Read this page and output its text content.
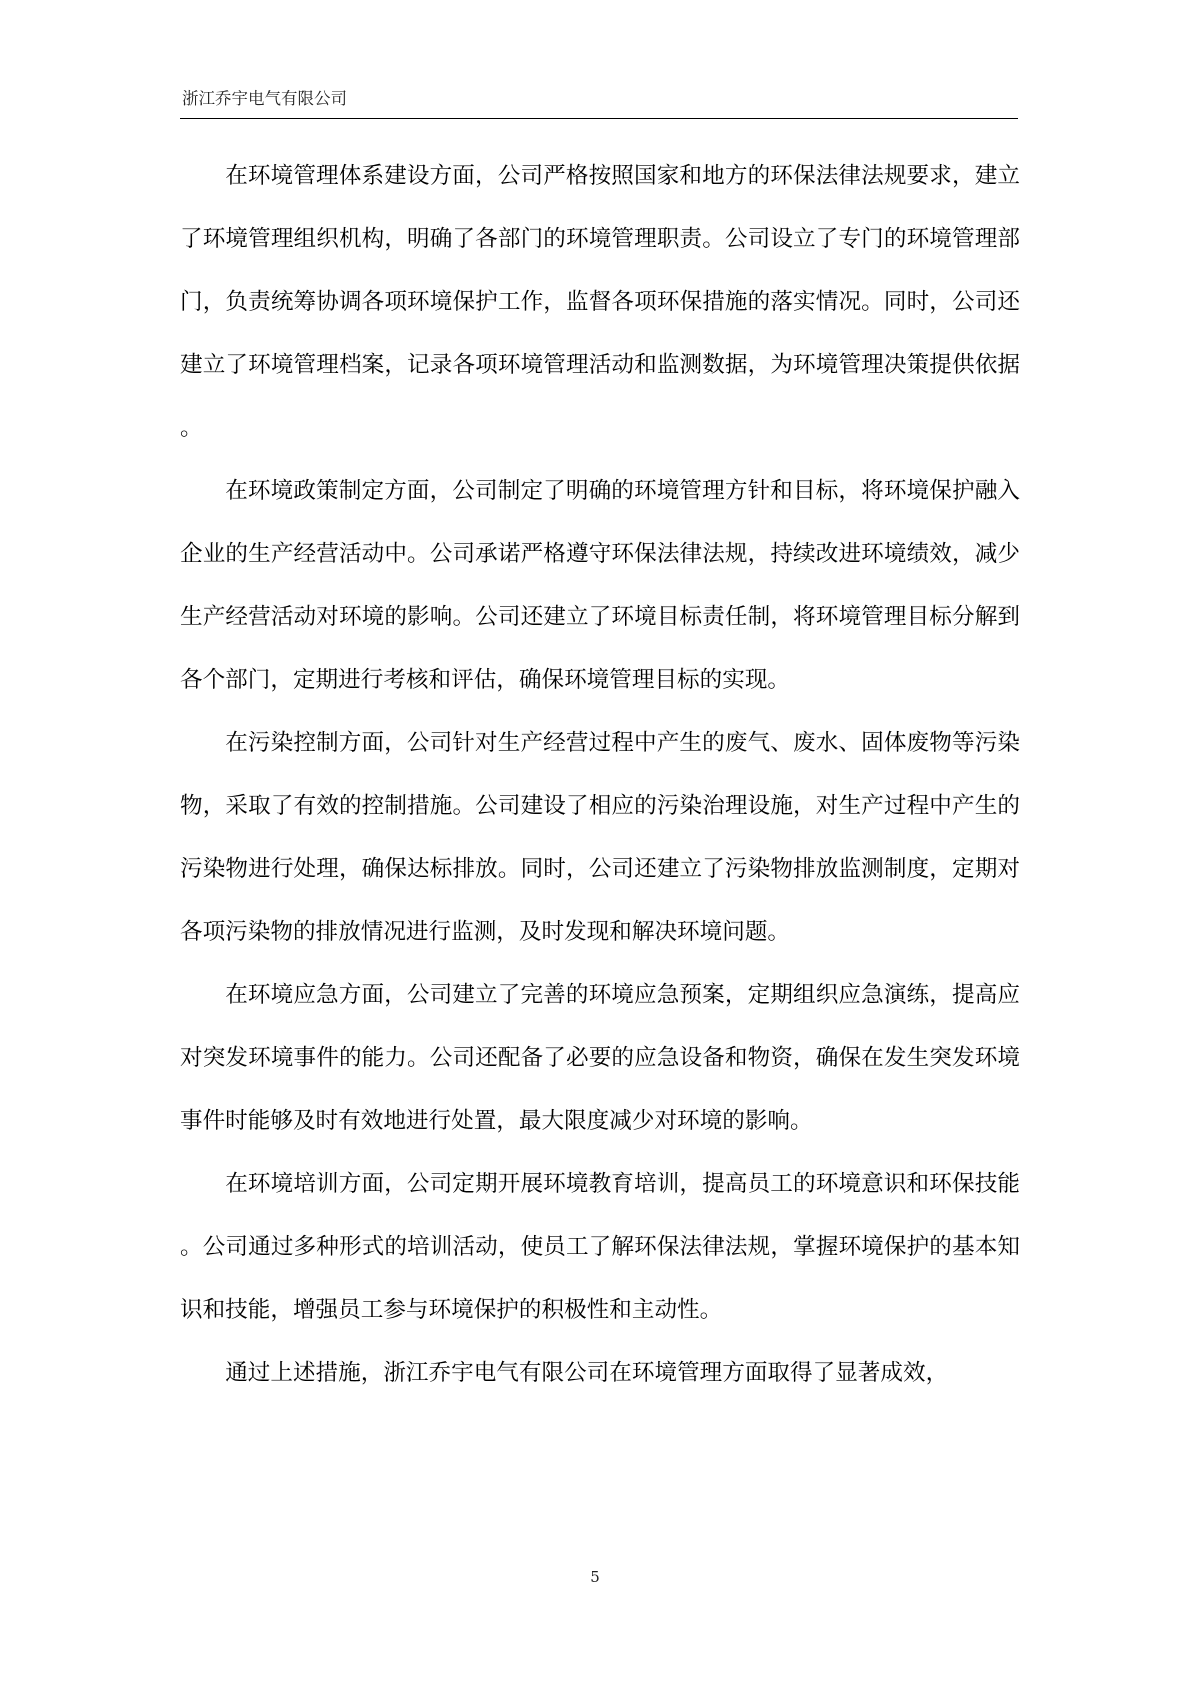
浙江乔宇电气有限公司

在环境管理体系建设方面，公司严格按照国家和地方的环保法律法规要求，建立了环境管理组织机构，明确了各部门的环境管理职责。公司设立了专门的环境管理部门，负责统筹协调各项环境保护工作，监督各项环保措施的落实情况。同时，公司还建立了环境管理档案，记录各项环境管理活动和监测数据，为环境管理决策提供依据。

在环境政策制定方面，公司制定了明确的环境管理方针和目标，将环境保护融入企业的生产经营活动中。公司承诺严格遵守环保法律法规，持续改进环境绩效，减少生产经营活动对环境的影响。公司还建立了环境目标责任制，将环境管理目标分解到各个部门，定期进行考核和评估，确保环境管理目标的实现。

在污染控制方面，公司针对生产经营过程中产生的废气、废水、固体废物等污染物，采取了有效的控制措施。公司建设了相应的污染治理设施，对生产过程中产生的污染物进行处理，确保达标排放。同时，公司还建立了污染物排放监测制度，定期对各项污染物的排放情况进行监测，及时发现和解决环境问题。

在环境应急方面，公司建立了完善的环境应急预案，定期组织应急演练，提高应对突发环境事件的能力。公司还配备了必要的应急设备和物资，确保在发生突发环境事件时能够及时有效地进行处置，最大限度减少对环境的影响。

在环境培训方面，公司定期开展环境教育培训，提高员工的环境意识和环保技能。公司通过多种形式的培训活动，使员工了解环保法律法规，掌握环境保护的基本知识和技能，增强员工参与环境保护的积极性和主动性。

通过上述措施，浙江乔宇电气有限公司在环境管理方面取得了显著成效，

5
